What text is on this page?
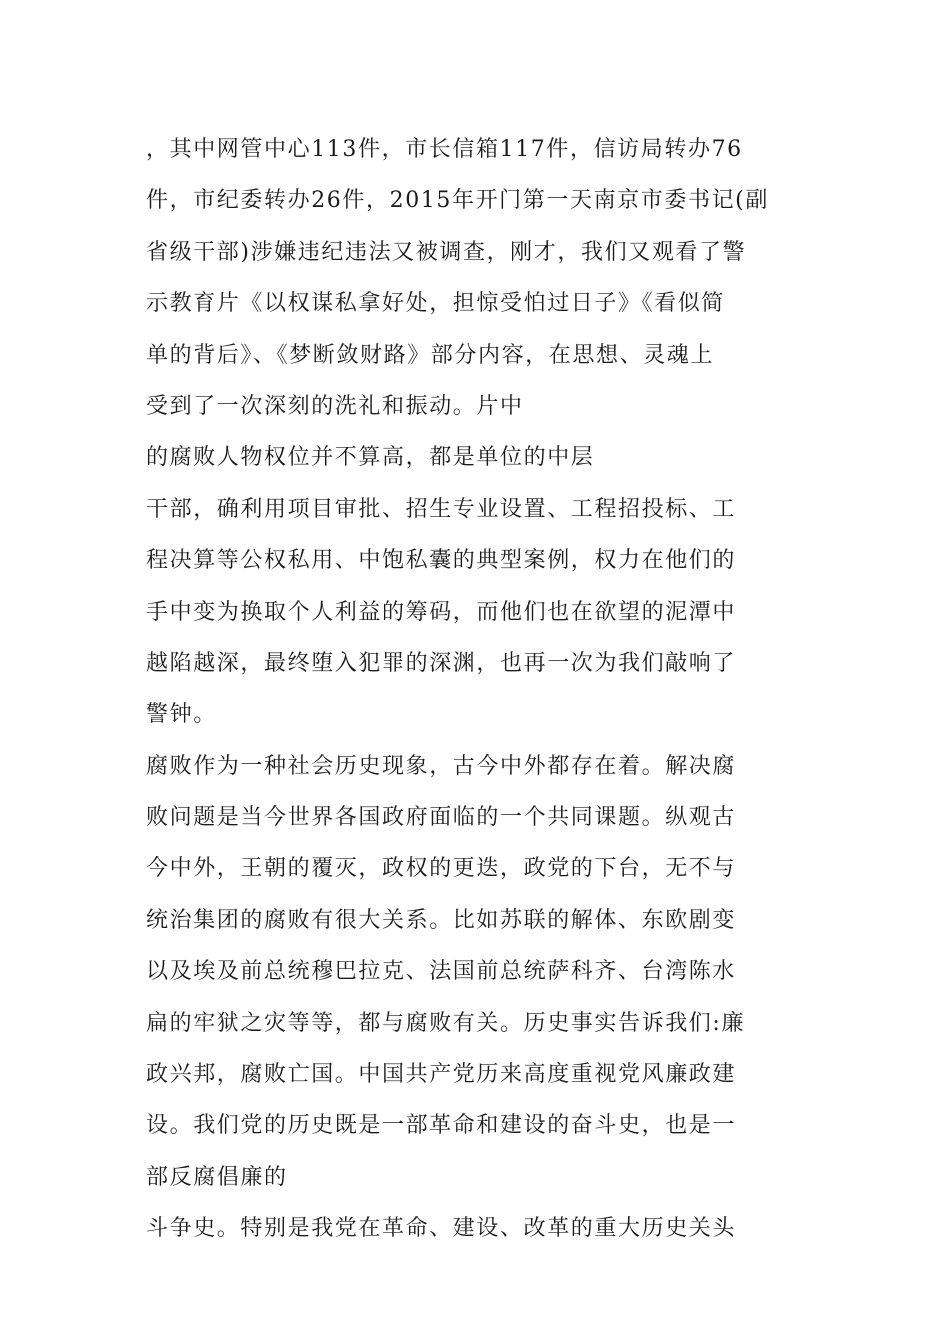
，其中网管中心113件，市长信箱117件，信访局转办76
件，市纪委转办26件，2015年开门第一天南京市委书记(副
省级干部)涉嫌违纪违法又被调查，刚才，我们又观看了警
示教育片《以权谋私拿好处，担惊受怕过日子》《看似简
单的背后》、《梦断敛财路》部分内容，在思想、灵魂上
受到了一次深刻的洗礼和振动。片中
的腐败人物权位并不算高，都是单位的中层
干部，确利用项目审批、招生专业设置、工程招投标、工
程决算等公权私用、中饱私囊的典型案例，权力在他们的
手中变为换取个人利益的筹码，而他们也在欲望的泥潭中
越陷越深，最终堕入犯罪的深渊，也再一次为我们敲响了
警钟。
腐败作为一种社会历史现象，古今中外都存在着。解决腐
败问题是当今世界各国政府面临的一个共同课题。纵观古
今中外，王朝的覆灭，政权的更迭，政党的下台，无不与
统治集团的腐败有很大关系。比如苏联的解体、东欧剧变
以及埃及前总统穆巴拉克、法国前总统萨科齐、台湾陈水
扁的牢狱之灾等等，都与腐败有关。历史事实告诉我们:廉
政兴邦，腐败亡国。中国共产党历来高度重视党风廉政建
设。我们党的历史既是一部革命和建设的奋斗史，也是一
部反腐倡廉的
斗争史。特别是我党在革命、建设、改革的重大历史关头
